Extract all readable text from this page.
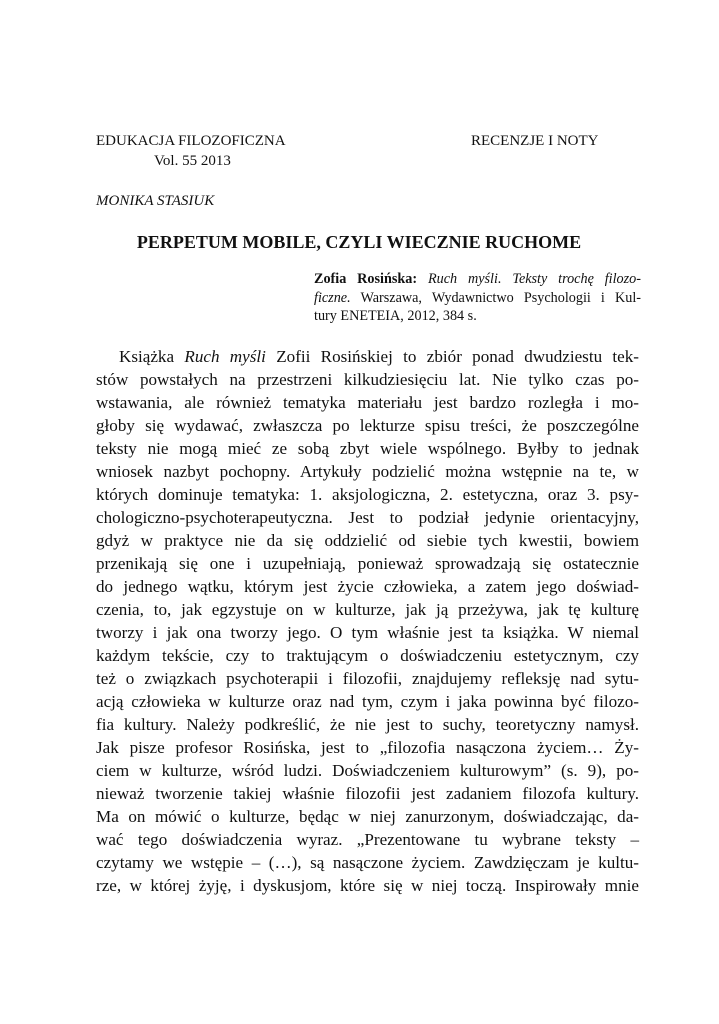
EDUKACJA FILOZOFICZNA	RECENZJE I NOTY
Vol. 55 2013
MONIKA STASIUK
PERPETUM MOBILE, CZYLI WIECZNIE RUCHOME
Zofia Rosińska: Ruch myśli. Teksty trochę filozo-
ficzne. Warszawa, Wydawnictwo Psychologii i Kul-
tury ENETEIA, 2012, 384 s.
Książka Ruch myśli Zofii Rosińskiej to zbiór ponad dwudziestu tek-
stów powstałych na przestrzeni kilkudziesięciu lat. Nie tylko czas po-
wstawania, ale również tematyka materiału jest bardzo rozległa i mo-
głoby się wydawać, zwłaszcza po lekturze spisu treści, że poszczególne
teksty nie mogą mieć ze sobą zbyt wiele wspólnego. Byłby to jednak
wniosek nazbyt pochopny. Artykuły podzielić można wstępnie na te, w
których dominuje tematyka: 1. aksjologiczna, 2. estetyczna, oraz 3. psy-
chologiczno-psychoterapeutyczna. Jest to podział jedynie orientacyjny,
gdyż w praktyce nie da się oddzielić od siebie tych kwestii, bowiem
przenikają się one i uzupełniają, ponieważ sprowadzają się ostatecznie
do jednego wątku, którym jest życie człowieka, a zatem jego doświad-
czenia, to, jak egzystuje on w kulturze, jak ją przeżywa, jak tę kulturę
tworzy i jak ona tworzy jego. O tym właśnie jest ta książka. W niemal
każdym tekście, czy to traktującym o doświadczeniu estetycznym, czy
też o związkach psychoterapii i filozofii, znajdujemy refleksję nad sytu-
acją człowieka w kulturze oraz nad tym, czym i jaka powinna być filozo-
fia kultury. Należy podkreślić, że nie jest to suchy, teoretyczny namysł.
Jak pisze profesor Rosińska, jest to „filozofia nasączona życiem… Ży-
ciem w kulturze, wśród ludzi. Doświadczeniem kulturowym” (s. 9), po-
nieważ tworzenie takiej właśnie filozofii jest zadaniem filozofa kultury.
Ma on mówić o kulturze, będąc w niej zanurzonym, doświadczając, da-
wać tego doświadczenia wyraz. „Prezentowane tu wybrane teksty –
czytamy we wstępie – (…), są nasączone życiem. Zawdzięczam je kultu-
rze, w której żyję, i dyskusjom, które się w niej toczą. Inspirowały mnie
